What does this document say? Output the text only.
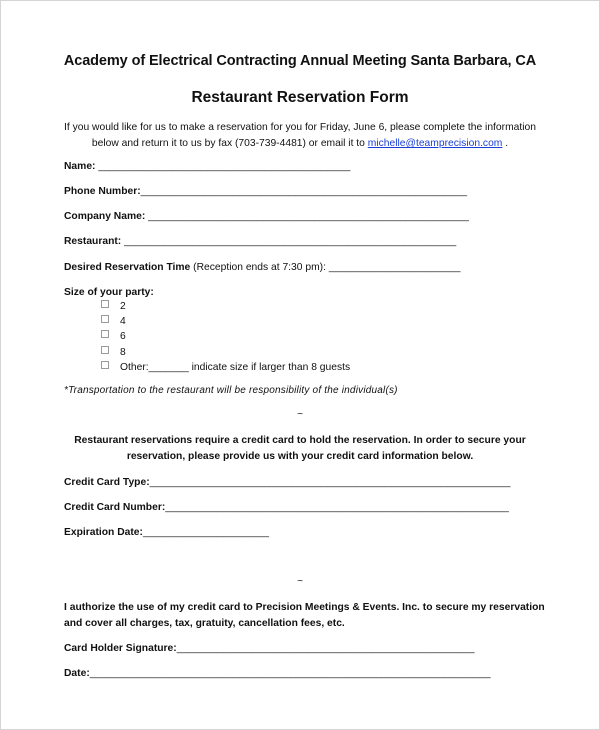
Academy of Electrical Contracting Annual Meeting Santa Barbara, CA
Restaurant Reservation Form
If you would like for us to make a reservation for you for Friday, June 6, please complete the information
below and return it to us by fax (703-739-4481) or email it to michelle@teamprecision.com .
Name: ____________________________________________
Phone Number:_________________________________________________________
Company Name: ________________________________________________________
Restaurant: __________________________________________________________
Desired Reservation Time (Reception ends at 7:30 pm): _______________________
Size of your party:
2
4
6
8
Other:_______ indicate size if larger than 8 guests
*Transportation to the restaurant will be responsibility of the individual(s)
~
Restaurant reservations require a credit card to hold the reservation. In order to secure your
reservation, please provide us with your credit card information below.
Credit Card Type:_______________________________________________________________
Credit Card Number:____________________________________________________________
Expiration Date:______________________
~
I authorize the use of my credit card to Precision Meetings & Events. Inc. to secure my reservation and cover all charges, tax, gratuity, cancellation fees, etc.
Card Holder Signature:____________________________________________________
Date:______________________________________________________________________
